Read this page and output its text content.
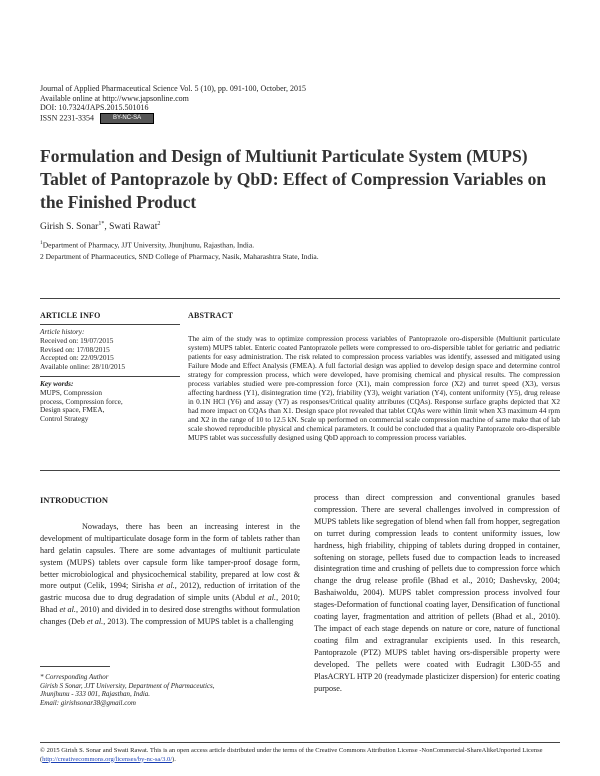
Journal of Applied Pharmaceutical Science Vol. 5 (10), pp. 091-100, October, 2015
Available online at http://www.japsonline.com
DOI: 10.7324/JAPS.2015.501016
ISSN 2231-3354	BY-NC-SA
Formulation and Design of Multiunit Particulate System (MUPS) Tablet of Pantoprazole by QbD: Effect of Compression Variables on the Finished Product
Girish S. Sonar$^{1*}$, Swati Rawat$^2$
$^1$Department of Pharmacy, JJT University, Jhunjhunu, Rajasthan, India.
2 Department of Pharmaceutics, SND College of Pharmacy, Nasik, Maharashtra State, India.
ARTICLE INFO
Article history:
Received on: 19/07/2015
Revised on: 17/08/2015
Accepted on: 22/09/2015
Available online: 28/10/2015
Key words:
MUPS, Compression
process, Compression force,
Design space, FMEA,
Control Strategy
ABSTRACT
The aim of the study was to optimize compression process variables of Pantoprazole oro-dispersible (Multiunit particulate system) MUPS tablet. Enteric coated Pantoprazole pellets were compressed to oro-dispersible tablet for geriatric and pediatric patients for easy administration. The risk related to compression process variables was identify, assessed and mitigated using Failure Mode and Effect Analysis (FMEA). A full factorial design was applied to develop design space and determine control strategy for compression process, which were developed, have promising chemical and physical results. The compression process variables studied were pre-compression force (X1), main compression force (X2) and turret speed (X3), versus affecting hardness (Y1), disintegration time (Y2), friability (Y3), weight variation (Y4), content uniformity (Y5), drug release in 0.1N HCl (Y6) and assay (Y7) as responses/Critical quality attributes (CQAs). Response surface graphs depicted that X2 had more impact on CQAs than X1. Design space plot revealed that tablet CQAs were within limit when X3 maximum 44 rpm and X2 in the range of 10 to 12.5 kN. Scale up performed on commercial scale compression machine of same make that of lab scale showed reproducible physical and chemical parameters. It could be concluded that a quality Pantoprazole oro-dispersible MUPS tablet was successfully designed using QbD approach to compression process variables.
INTRODUCTION
Nowadays, there has been an increasing interest in the development of multiparticulate dosage form in the form of tablets rather than hard gelatin capsules. There are some advantages of multiunit particulate system (MUPS) tablets over capsule form like tamper-proof dosage form, better microbiological and physicochemical stability, prepared at low cost & more output (Celik, 1994; Sirisha et al., 2012), reduction of irritation of the gastric mucosa due to drug degradation of simple units (Abdul et al., 2010; Bhad et al., 2010) and divided in to desired dose strengths without formulation changes (Deb et al., 2013). The compression of MUPS tablet is a challenging
process than direct compression and conventional granules based compression. There are several challenges involved in compression of MUPS tablets like segregation of blend when fall from hopper, segregation on turret during compression leads to content uniformity issues, low hardness, high friability, chipping of tablets during dropped in container, softening on storage, pellets fused due to compaction leads to increased disintegration time and crushing of pellets due to compression force which change the drug release profile (Bhad et al., 2010; Dashevsky, 2004; Bashaiwoldu, 2004). MUPS tablet compression process involved four stages-Deformation of functional coating layer, Densification of functional coating layer, fragmentation and attrition of pellets (Bhad et al., 2010). The impact of each stage depends on nature or core, nature of functional coating film and extragranular excipients used. In this research, Pantoprazole (PTZ) MUPS tablet having ors-dispersible property were developed. The pellets were coated with Eudragit L30D-55 and PlasACRYL HTP 20 (readymade plasticizer dispersion) for enteric coating purpose.
* Corresponding Author
Girish S Sonar, JJT University, Department of Pharmaceutics,
Jhunjhunu - 333 001, Rajasthan, India.
Email: girishsonar38@gmail.com
© 2015 Girish S. Sonar and Swati Rawat. This is an open access article distributed under the terms of the Creative Commons Attribution License -NonCommercial-ShareAlikeUnported License (http://creativecommons.org/licenses/by-nc-sa/3.0/).
